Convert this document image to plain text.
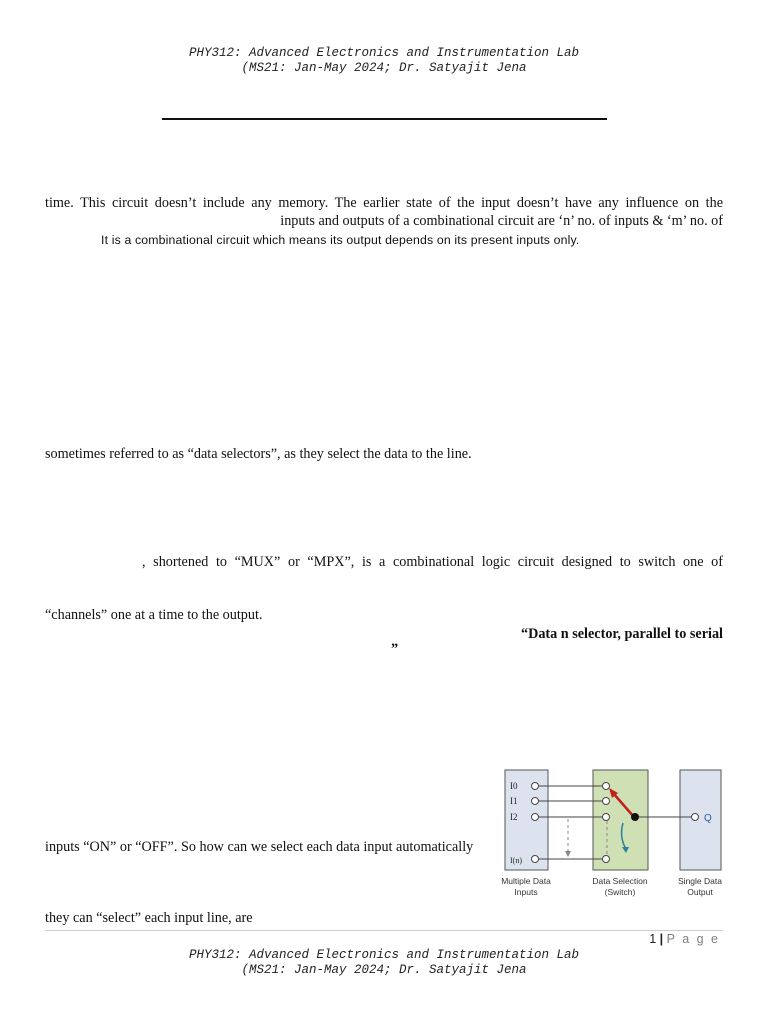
PHY312: Advanced Electronics and Instrumentation Lab
(MS21: Jan-May 2024; Dr. Satyajit Jena
time. This circuit doesn’t include any memory. The earlier state of the input doesn’t have any influence on the
inputs and outputs of a combinational circuit are ‘n’ no. of inputs & ‘m’ no. of
It is a combinational circuit which means its output depends on its present inputs only.
sometimes referred to as “data selectors”, as they select the data to the line.
, shortened to “MUX” or “MPX”, is a combinational logic circuit designed to switch one of
“channels” one at a time to the output.
“Data n selector, parallel to serial
”
inputs “ON” or “OFF”. So how can we select each data input automatically
they can “select” each input line, are
I0
I1
I2
I(n)
Q
Multiple Data
Inputs
Data Selection
(Switch)
Single Data
Output
1 | P a g e
PHY312: Advanced Electronics and Instrumentation Lab
(MS21: Jan-May 2024; Dr. Satyajit Jena
